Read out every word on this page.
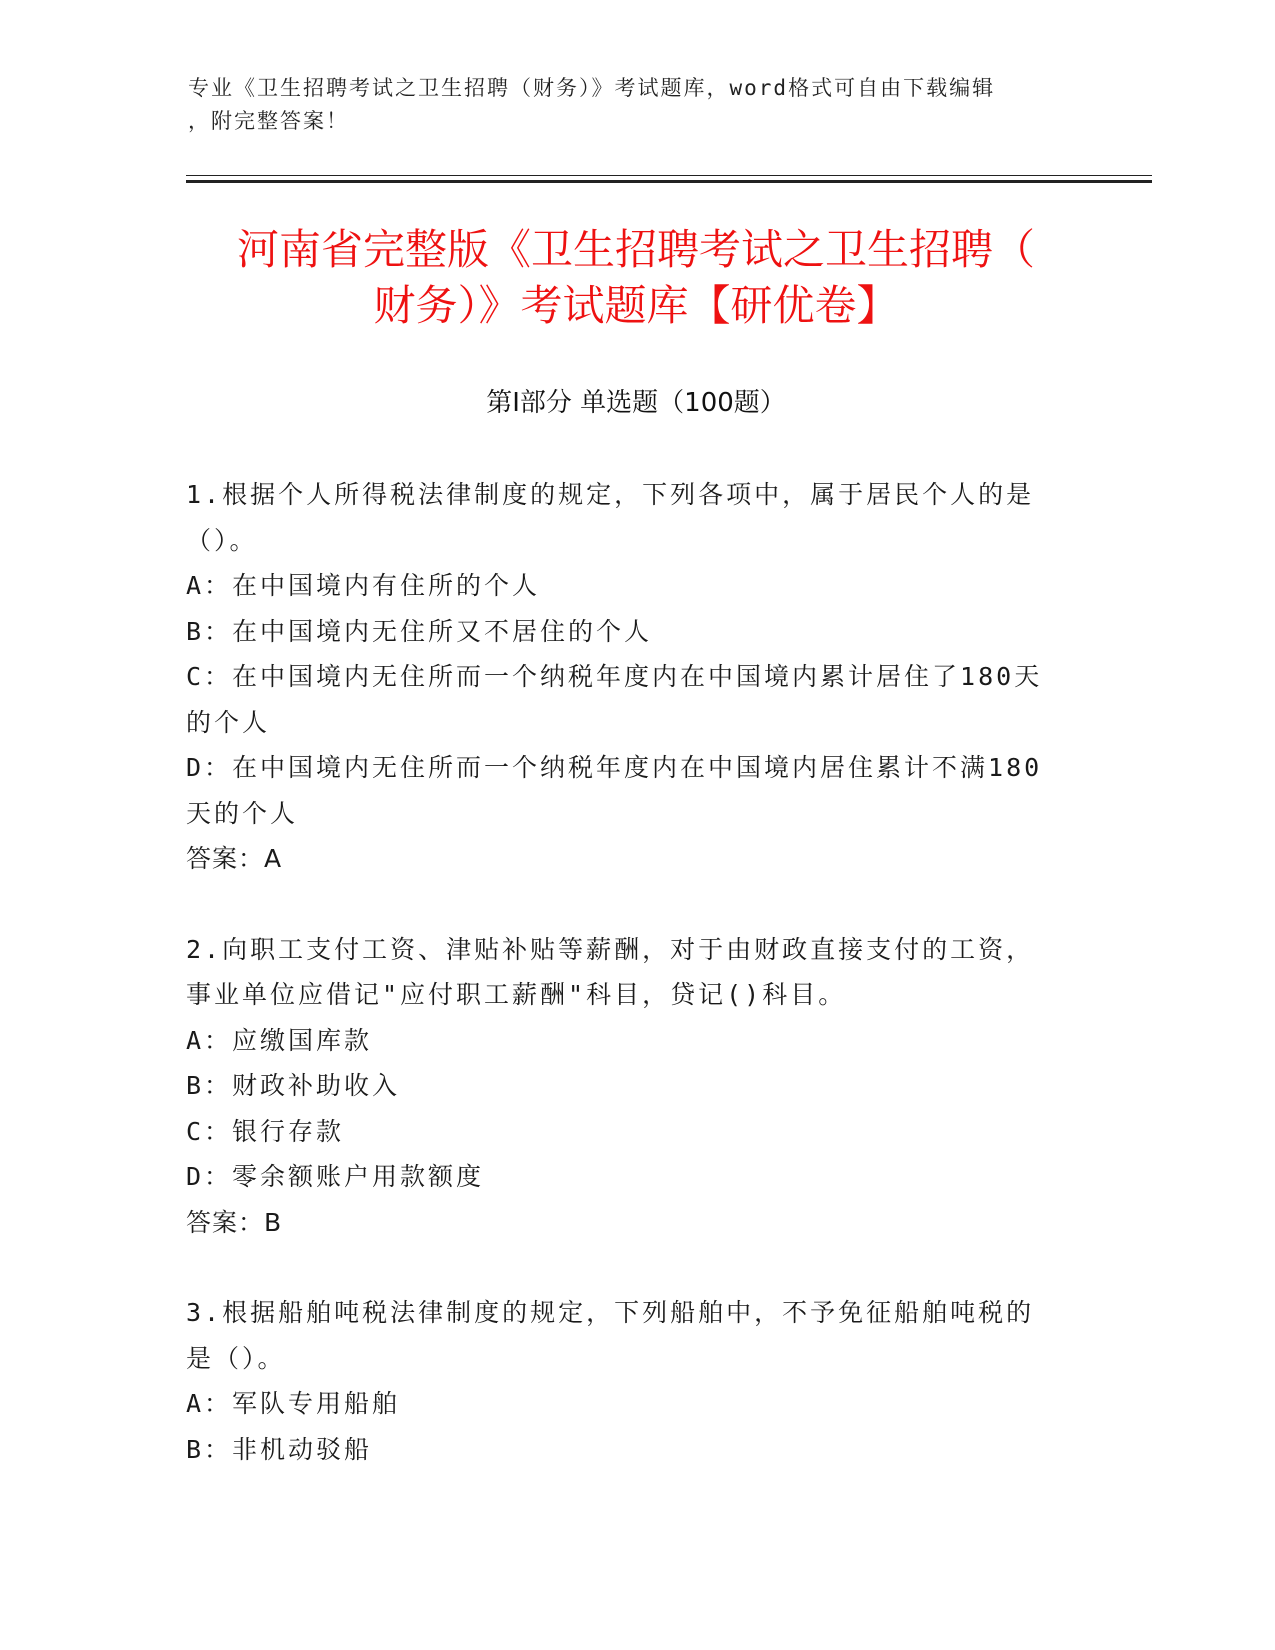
专业《卫生招聘考试之卫生招聘（财务）》考试题库，word格式可自由下载编辑
，附完整答案！
河南省完整版《卫生招聘考试之卫生招聘（
财务）》考试题库【研优卷】
第Ⅰ部分 单选题（100题）
1.根据个人所得税法律制度的规定，下列各项中，属于居民个人的是
（）。
A：在中国境内有住所的个人
B：在中国境内无住所又不居住的个人
C：在中国境内无住所而一个纳税年度内在中国境内累计居住了180天
的个人
D：在中国境内无住所而一个纳税年度内在中国境内居住累计不满180
天的个人
答案：A
2.向职工支付工资、津贴补贴等薪酬，对于由财政直接支付的工资，
事业单位应借记"应付职工薪酬"科目，贷记()科目。
A：应缴国库款
B：财政补助收入
C：银行存款
D：零余额账户用款额度
答案：B
3.根据船舶吨税法律制度的规定，下列船舶中，不予免征船舶吨税的
是（）。
A：军队专用船舶
B：非机动驳船
